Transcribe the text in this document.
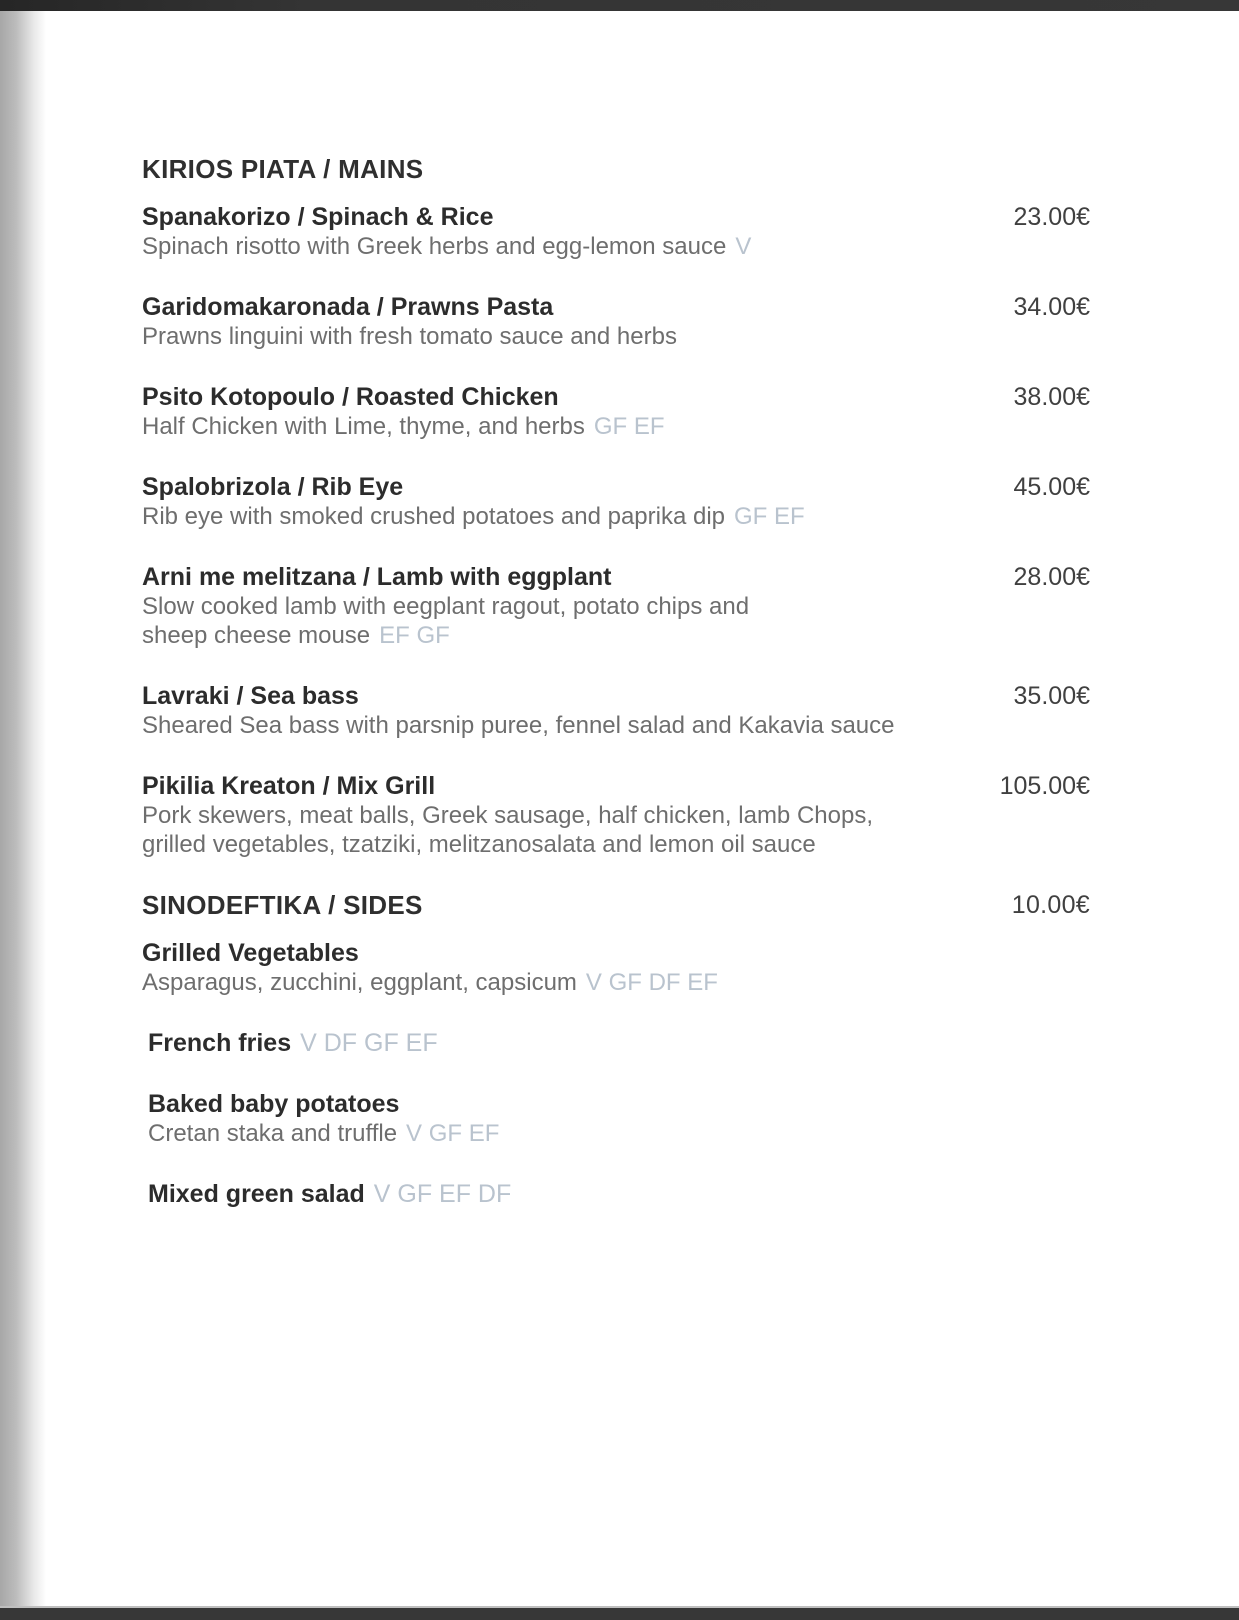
KIRIOS PIATA / MAINS
Spanakorizo / Spinach & Rice	23.00€
Spinach risotto with Greek herbs and egg-lemon sauce V
Garidomakaronada / Prawns Pasta	34.00€
Prawns linguini with fresh tomato sauce and herbs
Psito Kotopoulo / Roasted Chicken	38.00€
Half Chicken with Lime, thyme, and herbs GF EF
Spalobrizola / Rib Eye	45.00€
Rib eye with smoked crushed potatoes and paprika dip GF EF
Arni me melitzana / Lamb with eggplant	28.00€
Slow cooked lamb with eegplant ragout, potato chips and
sheep cheese mouse EF GF
Lavraki / Sea bass	35.00€
Sheared Sea bass with parsnip puree, fennel salad and Kakavia sauce
Pikilia Kreaton / Mix Grill	105.00€
Pork skewers, meat balls, Greek sausage, half chicken, lamb Chops,
grilled vegetables, tzatziki, melitzanosalata and lemon oil sauce
SINODEFTIKA / SIDES	10.00€
Grilled Vegetables
Asparagus, zucchini, eggplant, capsicum V GF DF EF
French fries V DF GF EF
Baked baby potatoes
Cretan staka and truffle V GF EF
Mixed green salad V GF EF DF
